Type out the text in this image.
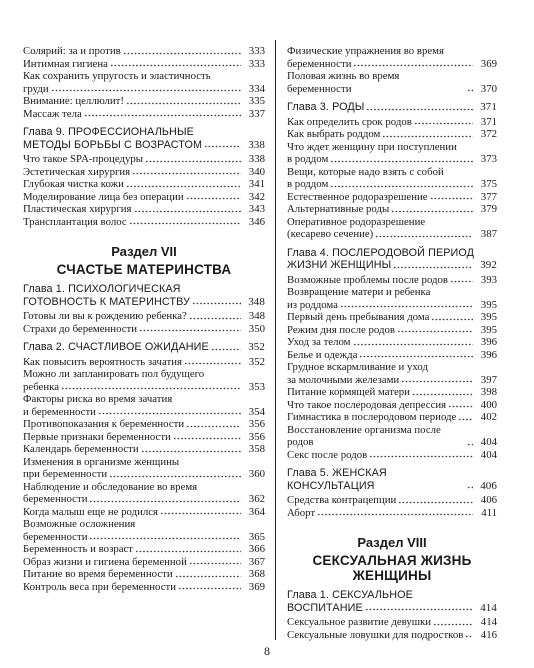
Солярий: за и против	333
Интимная гигиена	333
Как сохранить упругость и эластичность
груди	334
Внимание: целлюлит!	335
Массаж тела	337
Глава 9. ПРОФЕССИОНАЛЬНЫЕ
МЕТОДЫ БОРЬБЫ С ВОЗРАСТОМ	338
Что такое SPA-процедуры	338
Эстетическая хирургия	340
Глубокая чистка кожи	341
Моделирование лица без операции	342
Пластическая хирургия	343
Трансплантация волос	346
Раздел VII
СЧАСТЬЕ МАТЕРИНСТВА
Глава 1. ПСИХОЛОГИЧЕСКАЯ
ГОТОВНОСТЬ К МАТЕРИНСТВУ	348
Готовы ли вы к рождению ребенка?	348
Страхи до беременности	350
Глава 2. СЧАСТЛИВОЕ ОЖИДАНИЕ	352
Как повысить вероятность зачатия	352
Можно ли запланировать пол будущего
ребенка	353
Факторы риска во время зачатия
и беременности	354
Противопоказания к беременности	356
Первые признаки беременности	356
Календарь беременности	358
Изменения в организме женщины
при беременности	360
Наблюдение и обследование во время
беременности	362
Когда малыш еще не родился	364
Возможные осложнения
беременности	365
Беременность и возраст	366
Образ жизни и гигиена беременной	367
Питание во время беременности	368
Контроль веса при беременности	369
Физические упражнения во время
беременности	369
Половая жизнь во время беременности	370
Глава 3. РОДЫ	371
Как определить срок родов	371
Как выбрать роддом	372
Что ждет женщину при поступлении
в роддом	373
Вещи, которые надо взять с собой
в роддом	375
Естественное родоразрешение	377
Альтернативные роды	379
Оперативное родоразрешение
(кесарево сечение)	387
Глава 4. ПОСЛЕРОДОВОЙ ПЕРИОД
ЖИЗНИ ЖЕНЩИНЫ	392
Возможные проблемы после родов	393
Возвращение матери и ребенка
из роддома	395
Первый день пребывания дома	395
Режим дня после родов	395
Уход за телом	396
Белье и одежда	396
Грудное вскармливание и уход
за молочными железами	397
Питание кормящей матери	398
Что такое послеродовая депрессия	400
Гимнастика в послеродовом периоде	402
Восстановление организма после родов	404
Секс после родов	404
Глава 5. ЖЕНСКАЯ КОНСУЛЬТАЦИЯ	406
Средства контрацепции	406
Аборт	411
Раздел VIII
СЕКСУАЛЬНАЯ ЖИЗНЬ ЖЕНЩИНЫ
Глава 1. СЕКСУАЛЬНОЕ
ВОСПИТАНИЕ	414
Сексуальное развитие девушки	414
Сексуальные ловушки для подростков	416
8
